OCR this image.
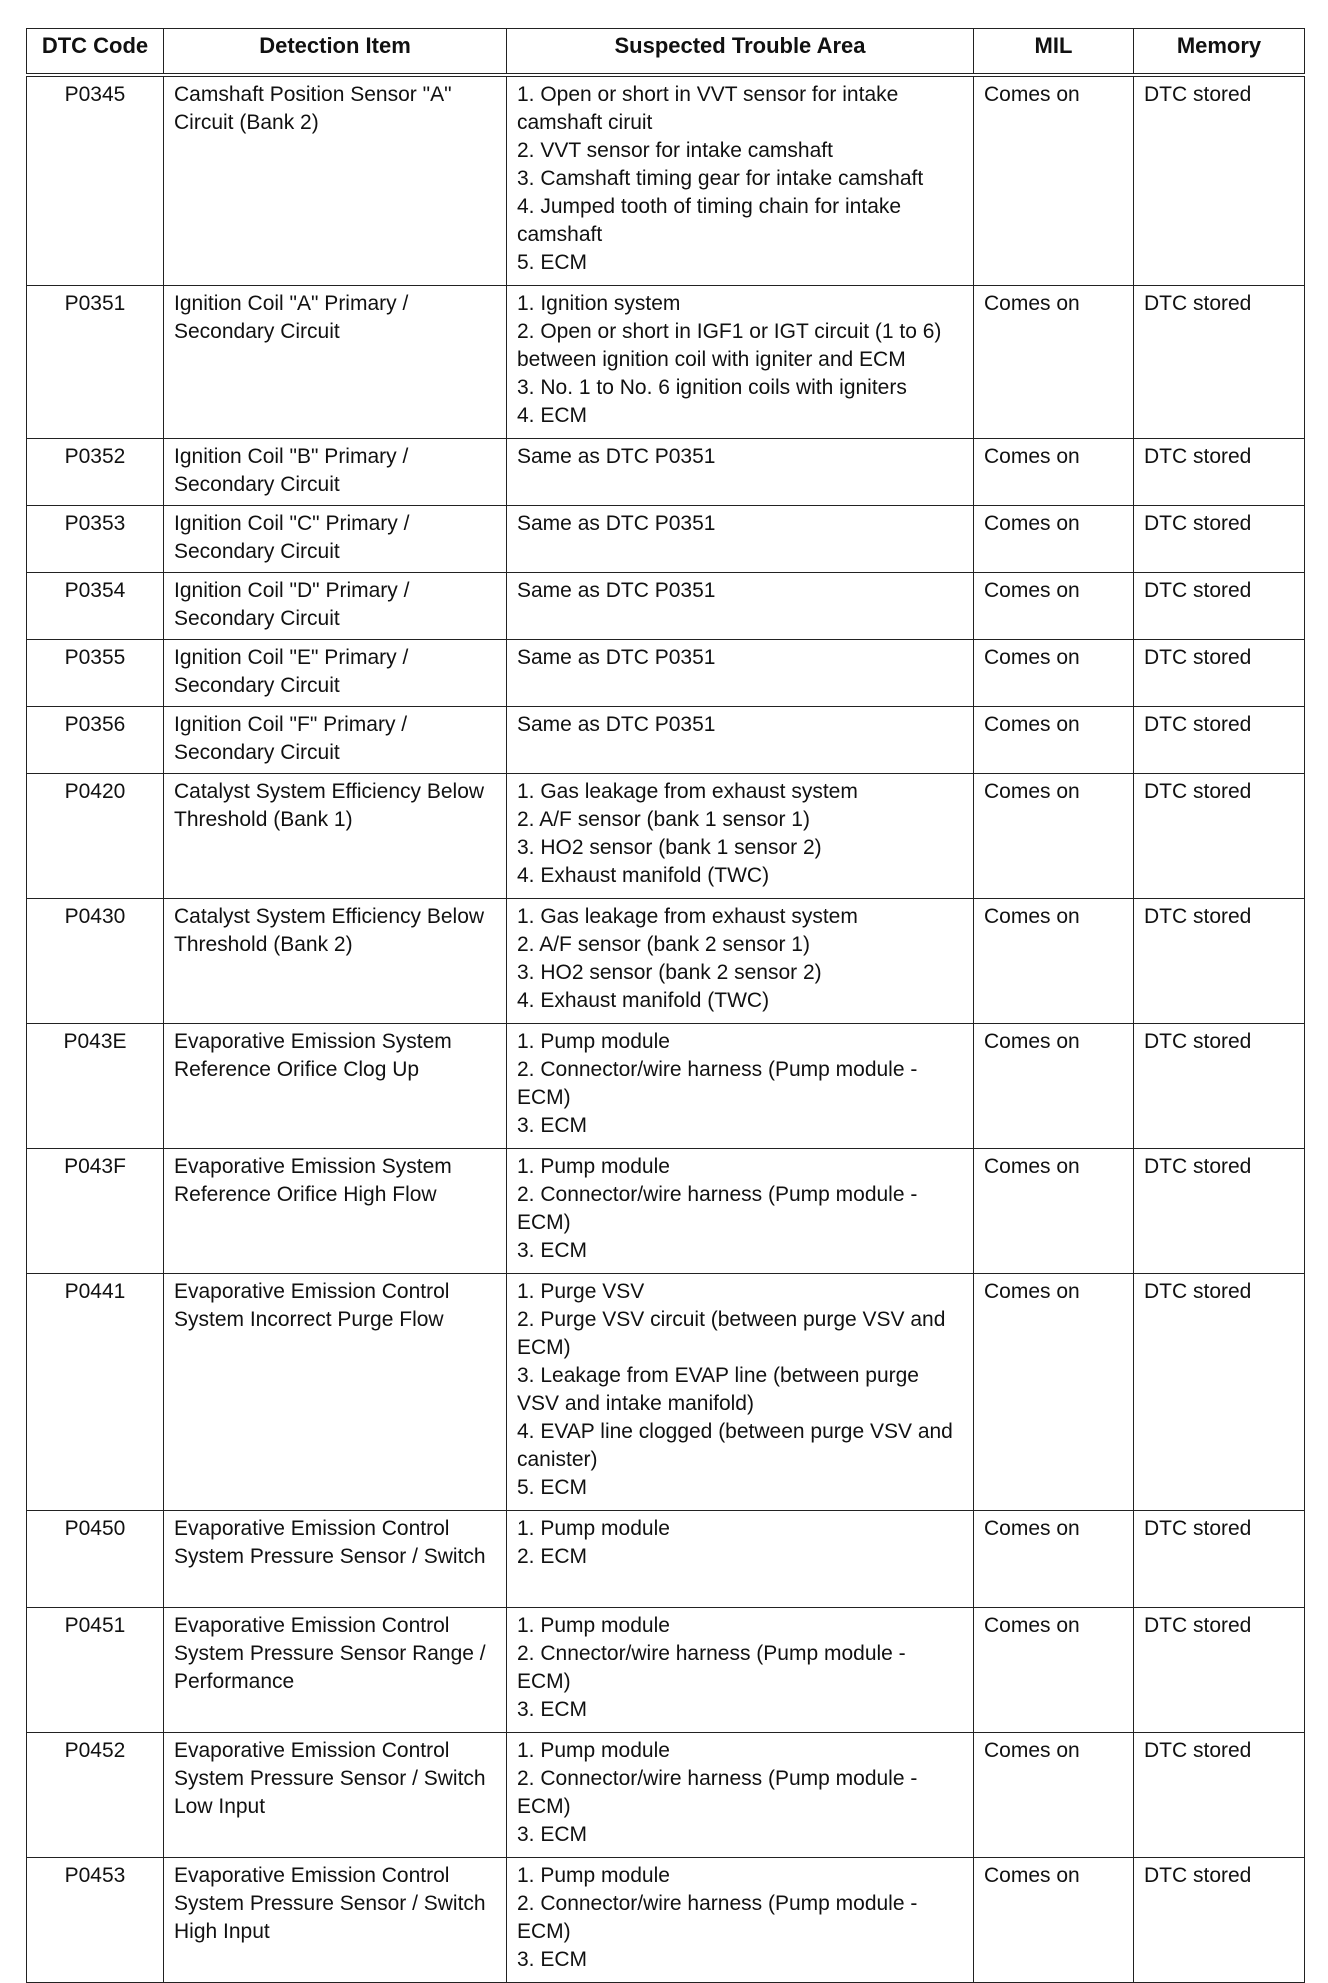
DTC Code	Detection Item	Suspected Trouble Area	MIL	Memory
P0345	Camshaft Position Sensor "A" Circuit (Bank 2)	1. Open or short in VVT sensor for intake camshaft ciruit
2. VVT sensor for intake camshaft
3. Camshaft timing gear for intake camshaft
4. Jumped tooth of timing chain for intake camshaft
5. ECM	Comes on	DTC stored
P0351	Ignition Coil "A" Primary / Secondary Circuit	1. Ignition system
2. Open or short in IGF1 or IGT circuit (1 to 6) between ignition coil with igniter and ECM
3. No. 1 to No. 6 ignition coils with igniters
4. ECM	Comes on	DTC stored
P0352	Ignition Coil "B" Primary / Secondary Circuit	Same as DTC P0351	Comes on	DTC stored
P0353	Ignition Coil "C" Primary / Secondary Circuit	Same as DTC P0351	Comes on	DTC stored
P0354	Ignition Coil "D" Primary / Secondary Circuit	Same as DTC P0351	Comes on	DTC stored
P0355	Ignition Coil "E" Primary / Secondary Circuit	Same as DTC P0351	Comes on	DTC stored
P0356	Ignition Coil "F" Primary / Secondary Circuit	Same as DTC P0351	Comes on	DTC stored
P0420	Catalyst System Efficiency Below Threshold (Bank 1)	1. Gas leakage from exhaust system
2. A/F sensor (bank 1 sensor 1)
3. HO2 sensor (bank 1 sensor 2)
4. Exhaust manifold (TWC)	Comes on	DTC stored
P0430	Catalyst System Efficiency Below Threshold (Bank 2)	1. Gas leakage from exhaust system
2. A/F sensor (bank 2 sensor 1)
3. HO2 sensor (bank 2 sensor 2)
4. Exhaust manifold (TWC)	Comes on	DTC stored
P043E	Evaporative Emission System Reference Orifice Clog Up	1. Pump module
2. Connector/wire harness (Pump module - ECM)
3. ECM	Comes on	DTC stored
P043F	Evaporative Emission System Reference Orifice High Flow	1. Pump module
2. Connector/wire harness (Pump module - ECM)
3. ECM	Comes on	DTC stored
P0441	Evaporative Emission Control System Incorrect Purge Flow	1. Purge VSV
2. Purge VSV circuit (between purge VSV and ECM)
3. Leakage from EVAP line (between purge VSV and intake manifold)
4. EVAP line clogged (between purge VSV and canister)
5. ECM	Comes on	DTC stored
P0450	Evaporative Emission Control System Pressure Sensor / Switch	1. Pump module
2. ECM	Comes on	DTC stored
P0451	Evaporative Emission Control System Pressure Sensor Range / Performance	1. Pump module
2. Cnnector/wire harness (Pump module - ECM)
3. ECM	Comes on	DTC stored
P0452	Evaporative Emission Control System Pressure Sensor / Switch Low Input	1. Pump module
2. Connector/wire harness (Pump module - ECM)
3. ECM	Comes on	DTC stored
P0453	Evaporative Emission Control System Pressure Sensor / Switch High Input	1. Pump module
2. Connector/wire harness (Pump module - ECM)
3. ECM	Comes on	DTC stored
